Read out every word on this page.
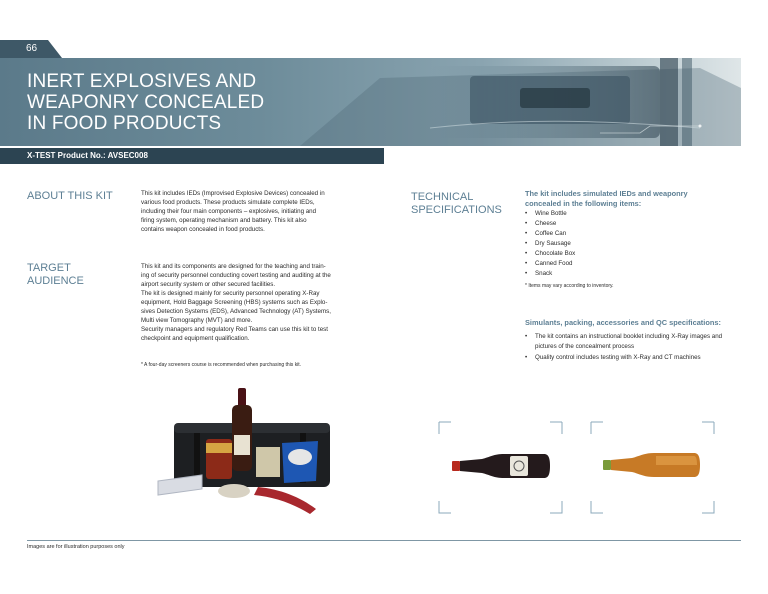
66
INERT EXPLOSIVES AND
WEAPONRY CONCEALED
IN FOOD PRODUCTS
X-TEST Product No.: AVSEC008
ABOUT THIS KIT	This kit includes IEDs (Improvised Explosive Devices) concealed in
various food products. These products simulate complete IEDs,
including their four main components – explosives, initiating and
firing system, operating mechanism and battery. This kit also
contains weapon concealed in food products.
TARGET
AUDIENCE
This kit and its components are designed for the teaching and train-
ing of security personnel conducting covert testing and auditing at the
airport security system or other secured facilities.
The kit is designed mainly for security personnel operating X-Ray
equipment, Hold Baggage Screening (HBS) systems such as Explo-
sives Detection Systems (EDS), Advanced Technology (AT) Systems,
Multi view Tomography (MVT) and more.
Security managers and regulatory Red Teams can use this kit to test
checkpoint and equipment qualification.
* A four-day screeners course is recommended when purchasing this kit.
TECHNICAL
SPECIFICATIONS
The kit includes simulated IEDs and weaponry
concealed in the following items:
• Wine Bottle
• Cheese
• Coffee Can
• Dry Sausage
• Chocolate Box
• Canned Food
• Snack
* Items may vary according to inventory.
Simulants, packing, accessories and QC specifications:
• The kit contains an instructional booklet including X-Ray images and pictures of the concealment process
• Quality control includes testing with X-Ray and CT machines
Images are for illustration purposes only
